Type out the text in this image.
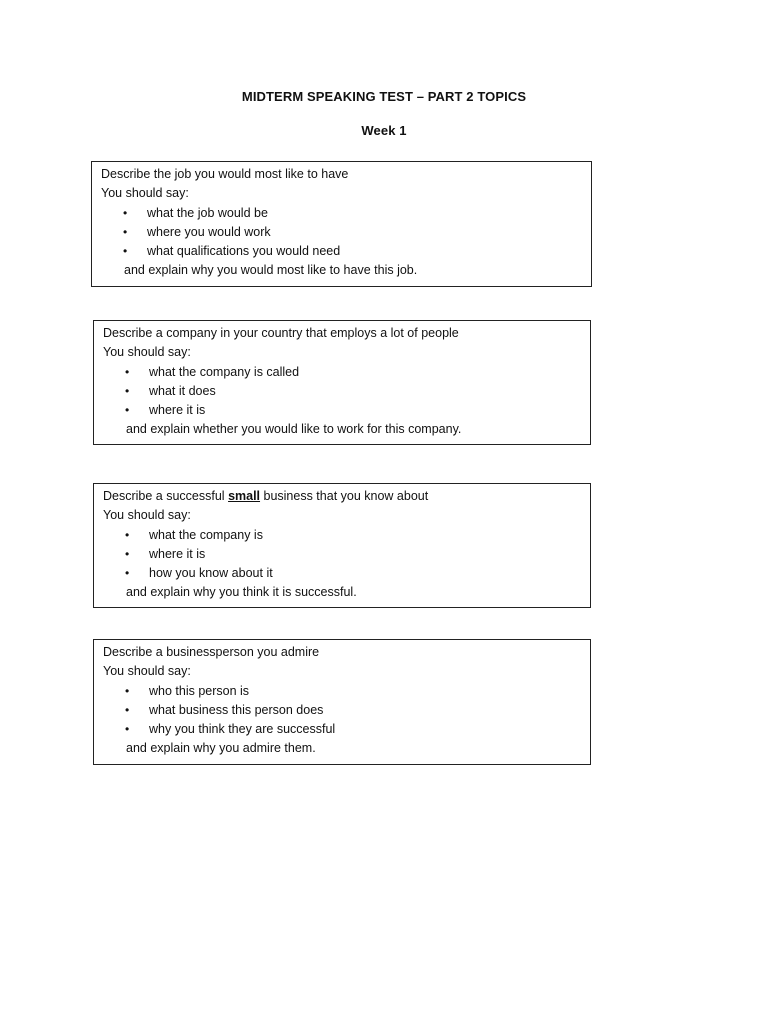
MIDTERM SPEAKING TEST – PART 2 TOPICS
Week 1
Describe the job you would most like to have
You should say:
• what the job would be
• where you would work
• what qualifications you would need
and explain why you would most like to have this job.
Describe a company in your country that employs a lot of people
You should say:
• what the company is called
• what it does
• where it is
and explain whether you would like to work for this company.
Describe a successful small business that you know about
You should say:
• what the company is
• where it is
• how you know about it
and explain why you think it is successful.
Describe a businessperson you admire
You should say:
• who this person is
• what business this person does
• why you think they are successful
and explain why you admire them.
